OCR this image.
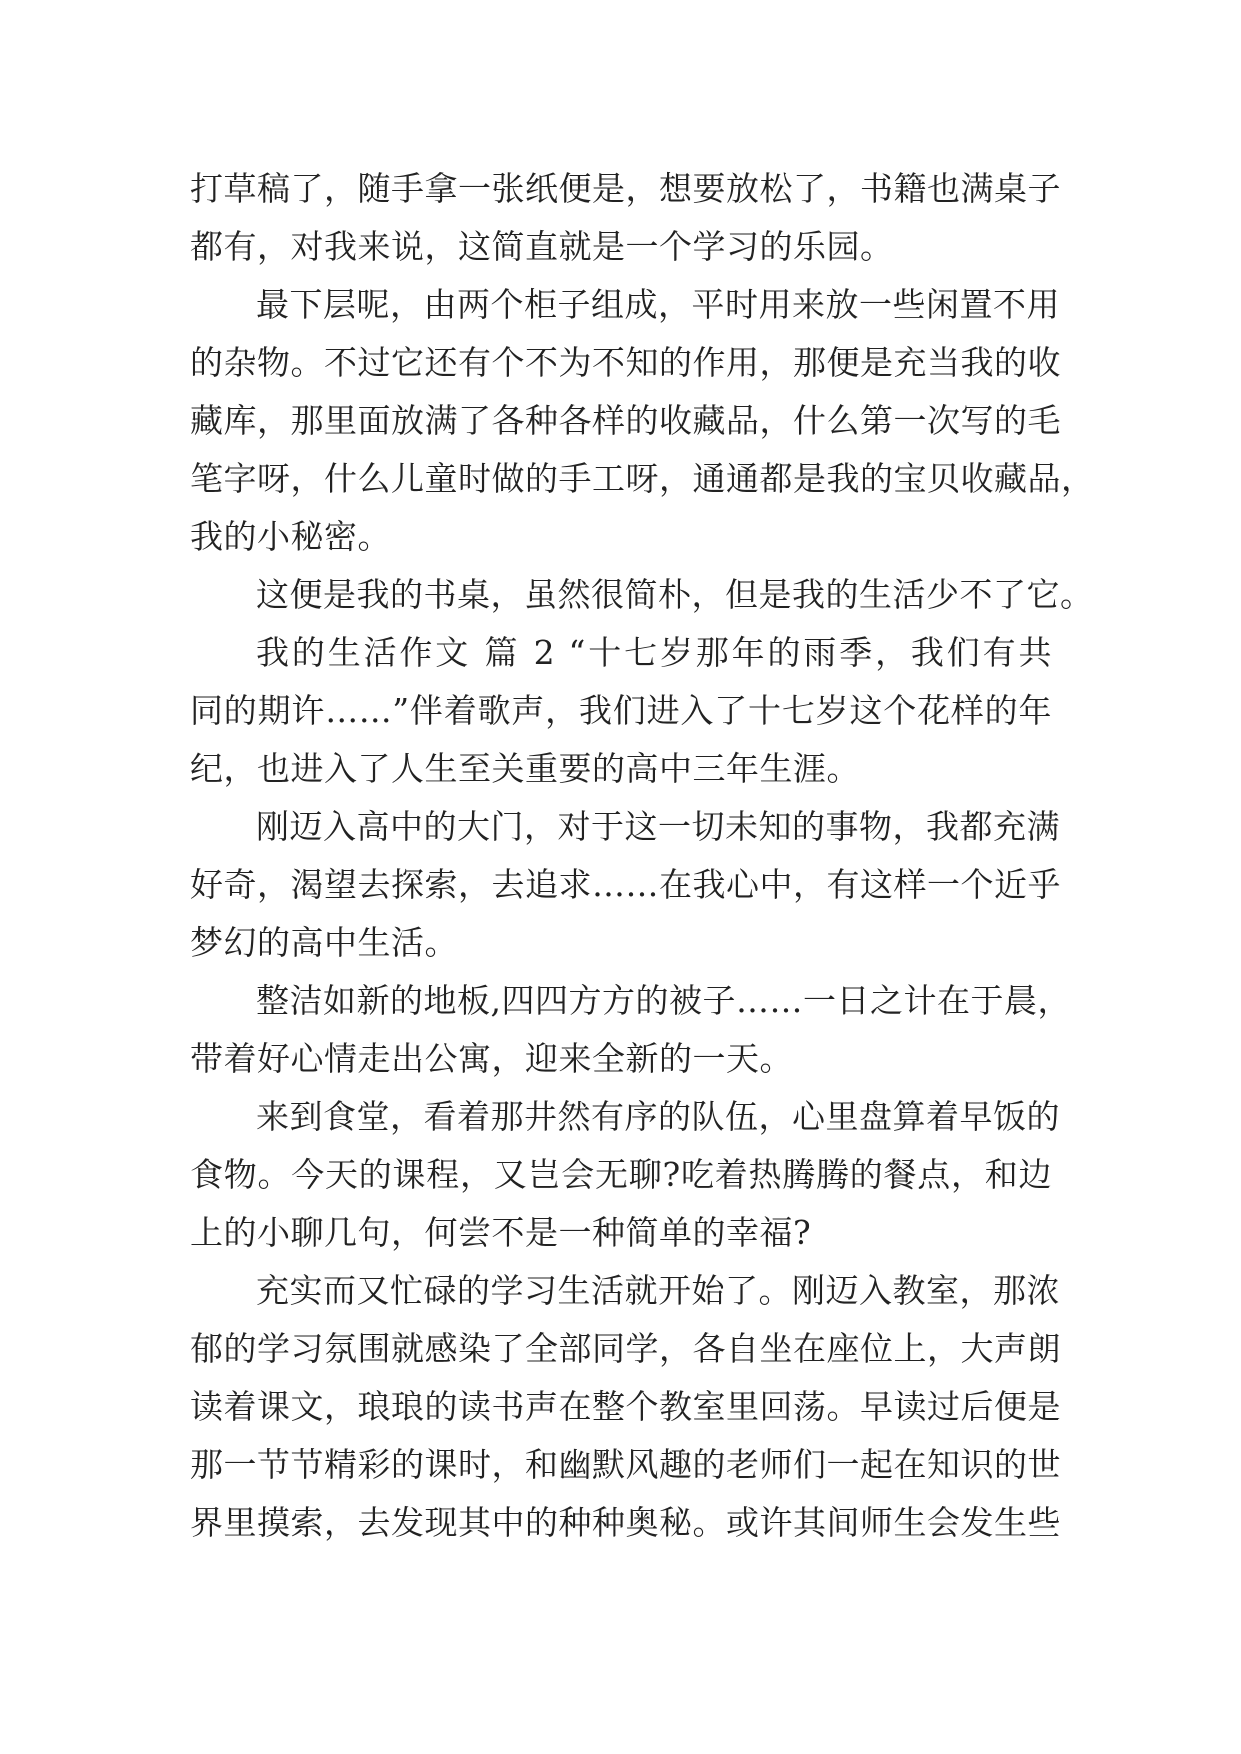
打草稿了，随手拿一张纸便是，想要放松了，书籍也满桌子
都有，对我来说，这简直就是一个学习的乐园。
最下层呢，由两个柜子组成，平时用来放一些闲置不用
的杂物。不过它还有个不为不知的作用，那便是充当我的收
藏库，那里面放满了各种各样的收藏品，什么第一次写的毛
笔字呀，什么儿童时做的手工呀，通通都是我的宝贝收藏品，
我的小秘密。
这便是我的书桌，虽然很简朴，但是我的生活少不了它。
我的生活作文 篇 2 “十七岁那年的雨季，我们有共
同的期许……”伴着歌声，我们进入了十七岁这个花样的年
纪，也进入了人生至关重要的高中三年生涯。
刚迈入高中的大门，对于这一切未知的事物，我都充满
好奇，渴望去探索，去追求……在我心中，有这样一个近乎
梦幻的高中生活。
整洁如新的地板,四四方方的被子……一日之计在于晨，
带着好心情走出公寓，迎来全新的一天。
来到食堂，看着那井然有序的队伍，心里盘算着早饭的
食物。今天的课程，又岂会无聊?吃着热腾腾的餐点，和边
上的小聊几句，何尝不是一种简单的幸福?
充实而又忙碌的学习生活就开始了。刚迈入教室，那浓
郁的学习氛围就感染了全部同学，各自坐在座位上，大声朗
读着课文，琅琅的读书声在整个教室里回荡。早读过后便是
那一节节精彩的课时，和幽默风趣的老师们一起在知识的世
界里摸索，去发现其中的种种奥秘。或许其间师生会发生些
